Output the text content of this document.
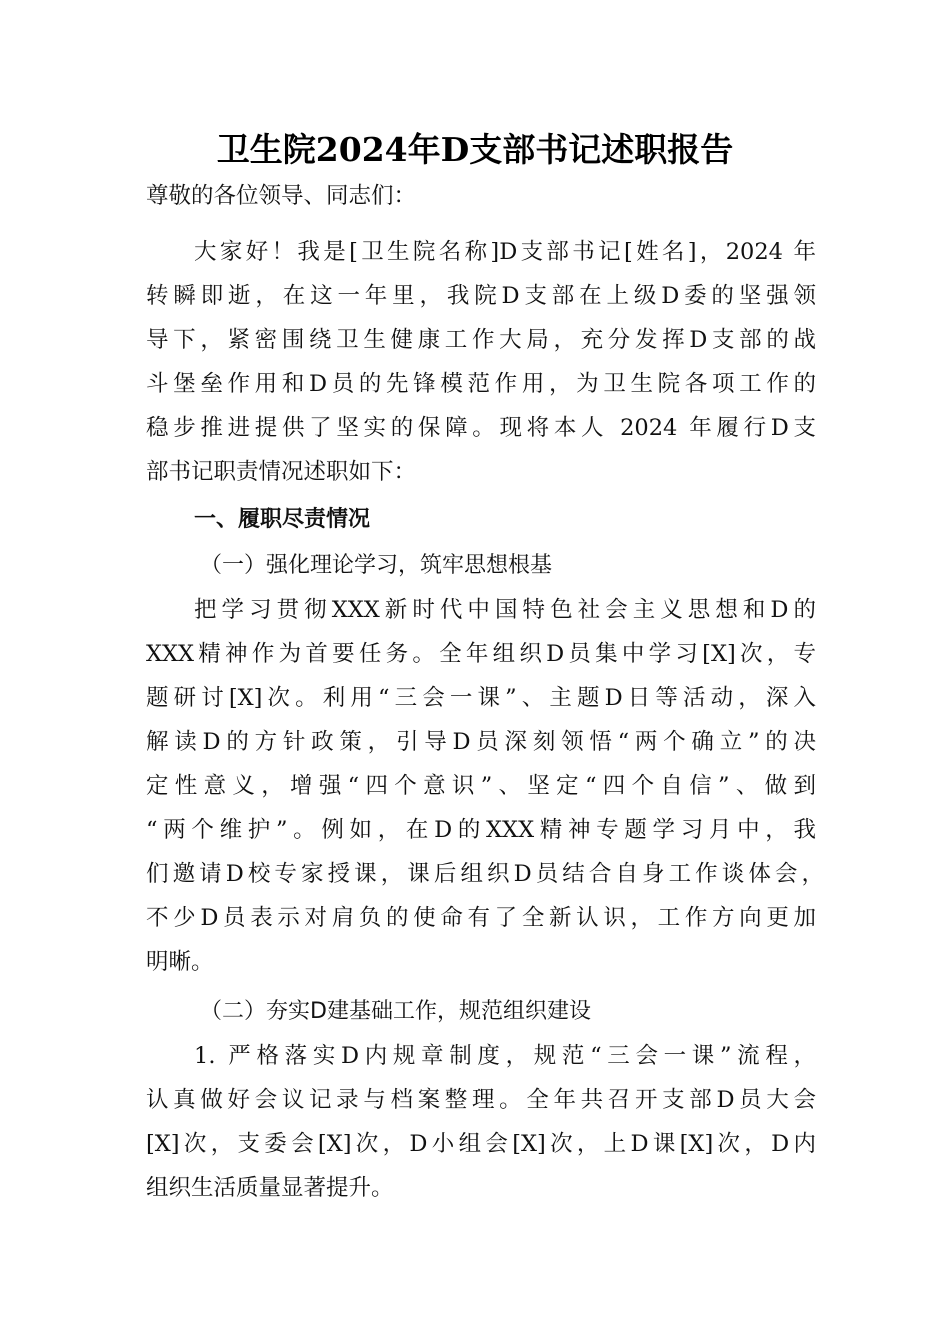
卫生院2024年D支部书记述职报告
尊敬的各位领导、同志们：
大家好！我是[卫生院名称]D支部书记[姓名]，2024 年
转瞬即逝，在这一年里，我院D支部在上级D委的坚强领
导下，紧密围绕卫生健康工作大局，充分发挥D支部的战
斗堡垒作用和D员的先锋模范作用，为卫生院各项工作的
稳步推进提供了坚实的保障。现将本人 2024 年履行D支
部书记职责情况述职如下：
一、履职尽责情况
（一）强化理论学习，筑牢思想根基
把学习贯彻XXX新时代中国特色社会主义思想和D的
XXX精神作为首要任务。全年组织D员集中学习[X]次，专
题研讨[X]次。利用“三会一课”、主题D日等活动，深入
解读D的方针政策，引导D员深刻领悟“两个确立”的决
定性意义，增强“四个意识”、坚定“四个自信”、做到
“两个维护”。例如，在D的XXX精神专题学习月中，我
们邀请D校专家授课，课后组织D员结合自身工作谈体会，
不少D员表示对肩负的使命有了全新认识，工作方向更加
明晰。
（二）夯实D建基础工作，规范组织建设
1. 严格落实D内规章制度，规范“三会一课”流程，
认真做好会议记录与档案整理。全年共召开支部D员大会
[X]次，支委会[X]次，D小组会[X]次，上D课[X]次，D内
组织生活质量显著提升。
